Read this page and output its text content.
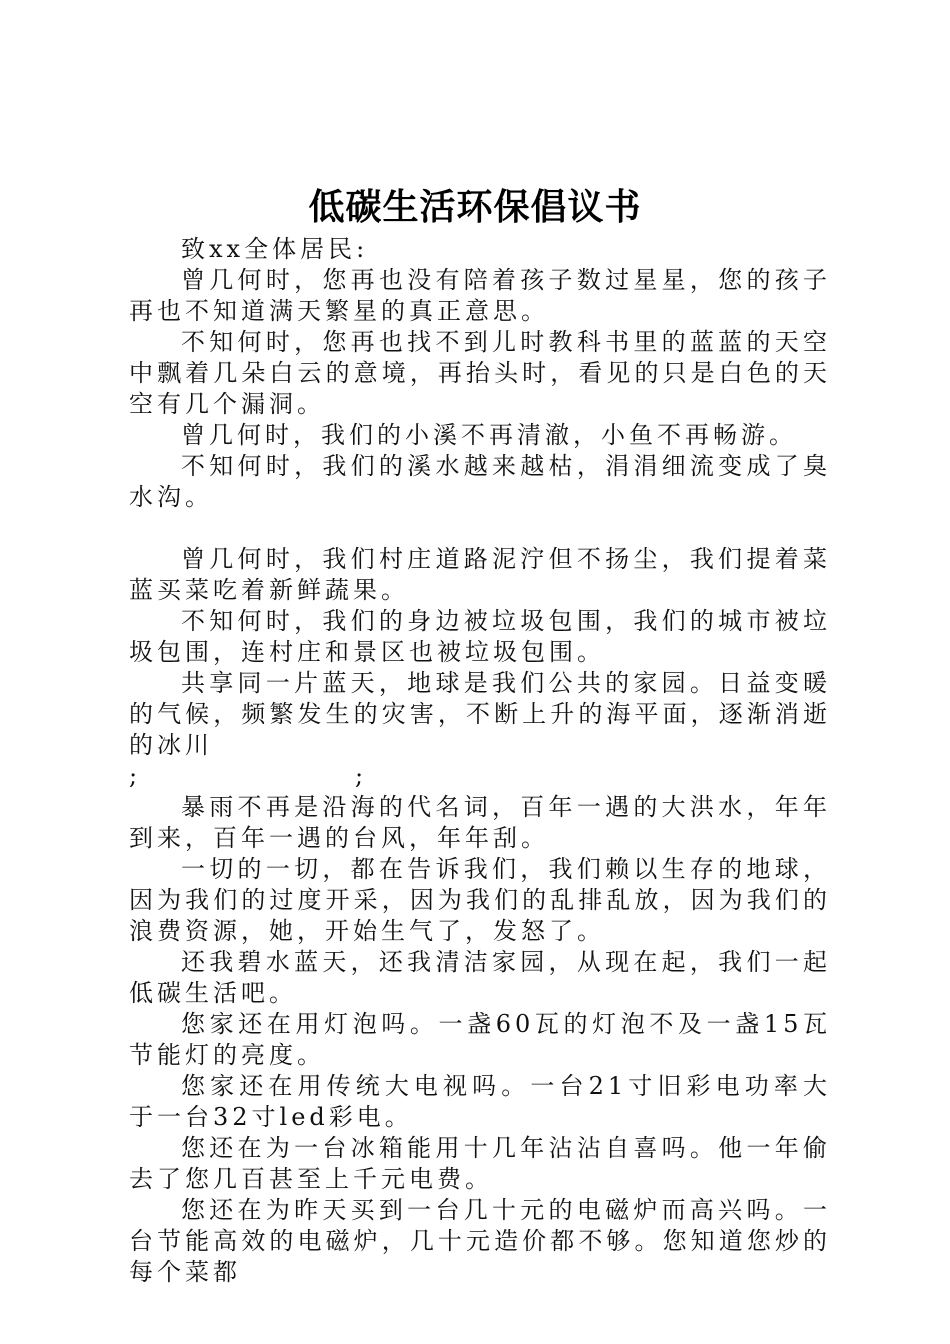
低碳生活环保倡议书

致xx全体居民:

曾几何时，您再也没有陪着孩子数过星星，您的孩子再也不知道满天繁星的真正意思。

不知何时，您再也找不到儿时教科书里的蓝蓝的天空中飘着几朵白云的意境，再抬头时，看见的只是白色的天空有几个漏洞。

曾几何时，我们的小溪不再清澈，小鱼不再畅游。

不知何时，我们的溪水越来越枯，涓涓细流变成了臭水沟。

曾几何时，我们村庄道路泥泞但不扬尘，我们提着菜蓝买菜吃着新鲜蔬果。

不知何时，我们的身边被垃圾包围，我们的城市被垃圾包围，连村庄和景区也被垃圾包围。

共享同一片蓝天，地球是我们公共的家园。日益变暖的气候，频繁发生的灾害，不断上升的海平面，逐渐消逝的冰川

;	;

暴雨不再是沿海的代名词，百年一遇的大洪水，年年到来，百年一遇的台风，年年刮。

一切的一切，都在告诉我们，我们赖以生存的地球，因为我们的过度开采，因为我们的乱排乱放，因为我们的浪费资源，她，开始生气了，发怒了。

还我碧水蓝天，还我清洁家园，从现在起，我们一起低碳生活吧。

您家还在用灯泡吗。一盏60瓦的灯泡不及一盏15瓦节能灯的亮度。

您家还在用传统大电视吗。一台21寸旧彩电功率大于一台32寸led彩电。

您还在为一台冰箱能用十几年沾沾自喜吗。他一年偷去了您几百甚至上千元电费。

您还在为昨天买到一台几十元的电磁炉而高兴吗。一台节能高效的电磁炉，几十元造价都不够。您知道您炒的每个菜都
